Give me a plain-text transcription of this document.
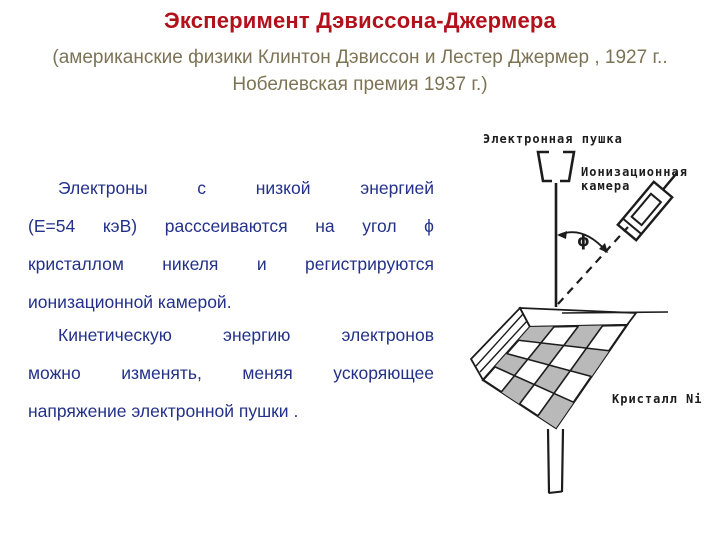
Эксперимент Дэвиссона-Джермера
(американские физики Клинтон Дэвиссон и Лестер Джермер , 1927 г..
Нобелевская премия 1937 г.)
Электроны с низкой энергией
(Е=54 кэВ) расссеиваются на угол ϕ
кристаллом никеля и регистрируются
ионизационной камерой.
Кинетическую энергию электронов
можно изменять, меняя ускоряющее
напряжение электронной пушки .
Электронная пушка
Ионизационная
камера
ϕ
Кристалл Ni
